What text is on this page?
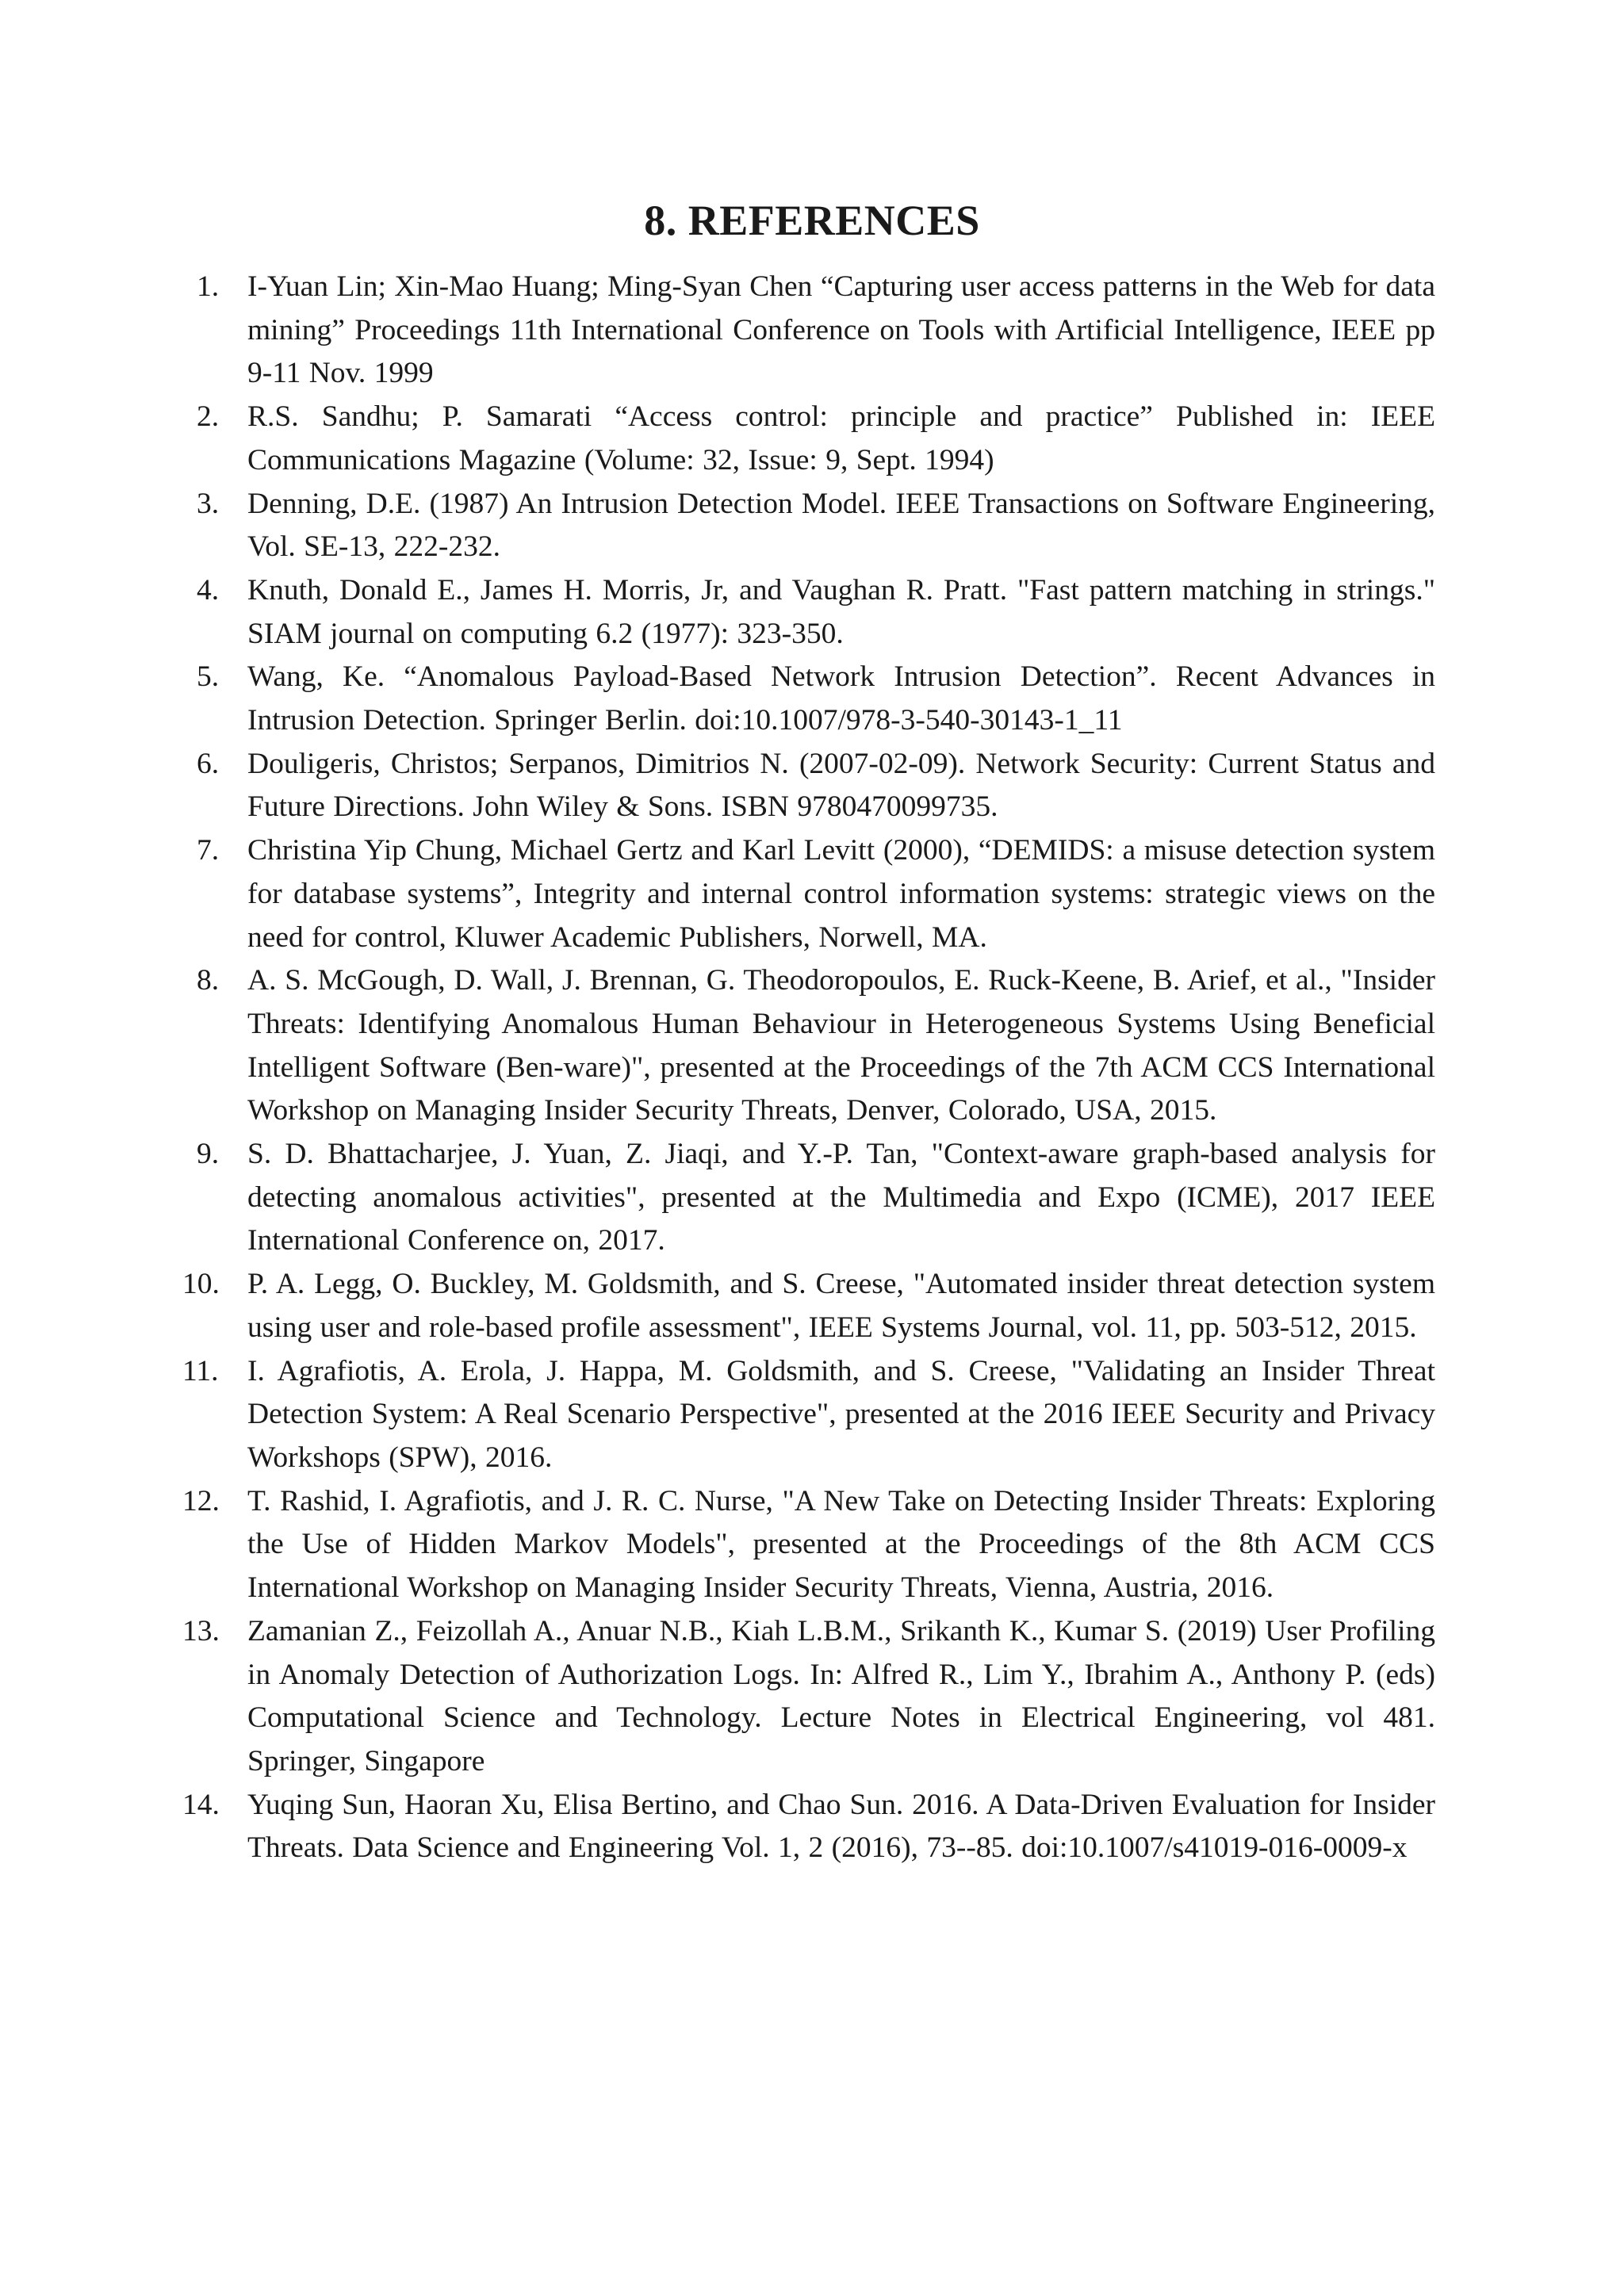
8. REFERENCES
1. I-Yuan Lin; Xin-Mao Huang; Ming-Syan Chen “Capturing user access patterns in the Web for data mining” Proceedings 11th International Conference on Tools with Artificial Intelligence, IEEE pp 9-11 Nov. 1999
2. R.S. Sandhu; P. Samarati “Access control: principle and practice” Published in: IEEE Communications Magazine (Volume: 32, Issue: 9, Sept. 1994)
3. Denning, D.E. (1987) An Intrusion Detection Model. IEEE Transactions on Software Engineering, Vol. SE-13, 222-232.
4. Knuth, Donald E., James H. Morris, Jr, and Vaughan R. Pratt. "Fast pattern matching in strings." SIAM journal on computing 6.2 (1977): 323-350.
5. Wang, Ke. “Anomalous Payload-Based Network Intrusion Detection”. Recent Advances in Intrusion Detection. Springer Berlin. doi:10.1007/978-3-540-30143-1_11
6. Douligeris, Christos; Serpanos, Dimitrios N. (2007-02-09). Network Security: Current Status and Future Directions. John Wiley & Sons. ISBN 9780470099735.
7. Christina Yip Chung, Michael Gertz and Karl Levitt (2000), “DEMIDS: a misuse detection system for database systems”, Integrity and internal control information systems: strategic views on the need for control, Kluwer Academic Publishers, Norwell, MA.
8. A. S. McGough, D. Wall, J. Brennan, G. Theodoropoulos, E. Ruck-Keene, B. Arief, et al., "Insider Threats: Identifying Anomalous Human Behaviour in Heterogeneous Systems Using Beneficial Intelligent Software (Ben-ware)", presented at the Proceedings of the 7th ACM CCS International Workshop on Managing Insider Security Threats, Denver, Colorado, USA, 2015.
9. S. D. Bhattacharjee, J. Yuan, Z. Jiaqi, and Y.-P. Tan, "Context-aware graph-based analysis for detecting anomalous activities", presented at the Multimedia and Expo (ICME), 2017 IEEE International Conference on, 2017.
10. P. A. Legg, O. Buckley, M. Goldsmith, and S. Creese, "Automated insider threat detection system using user and role-based profile assessment", IEEE Systems Journal, vol. 11, pp. 503-512, 2015.
11. I. Agrafiotis, A. Erola, J. Happa, M. Goldsmith, and S. Creese, "Validating an Insider Threat Detection System: A Real Scenario Perspective", presented at the 2016 IEEE Security and Privacy Workshops (SPW), 2016.
12. T. Rashid, I. Agrafiotis, and J. R. C. Nurse, "A New Take on Detecting Insider Threats: Exploring the Use of Hidden Markov Models", presented at the Proceedings of the 8th ACM CCS International Workshop on Managing Insider Security Threats, Vienna, Austria, 2016.
13. Zamanian Z., Feizollah A., Anuar N.B., Kiah L.B.M., Srikanth K., Kumar S. (2019) User Profiling in Anomaly Detection of Authorization Logs. In: Alfred R., Lim Y., Ibrahim A., Anthony P. (eds) Computational Science and Technology. Lecture Notes in Electrical Engineering, vol 481. Springer, Singapore
14. Yuqing Sun, Haoran Xu, Elisa Bertino, and Chao Sun. 2016. A Data-Driven Evaluation for Insider Threats. Data Science and Engineering Vol. 1, 2 (2016), 73--85. doi:10.1007/s41019-016-0009-x
